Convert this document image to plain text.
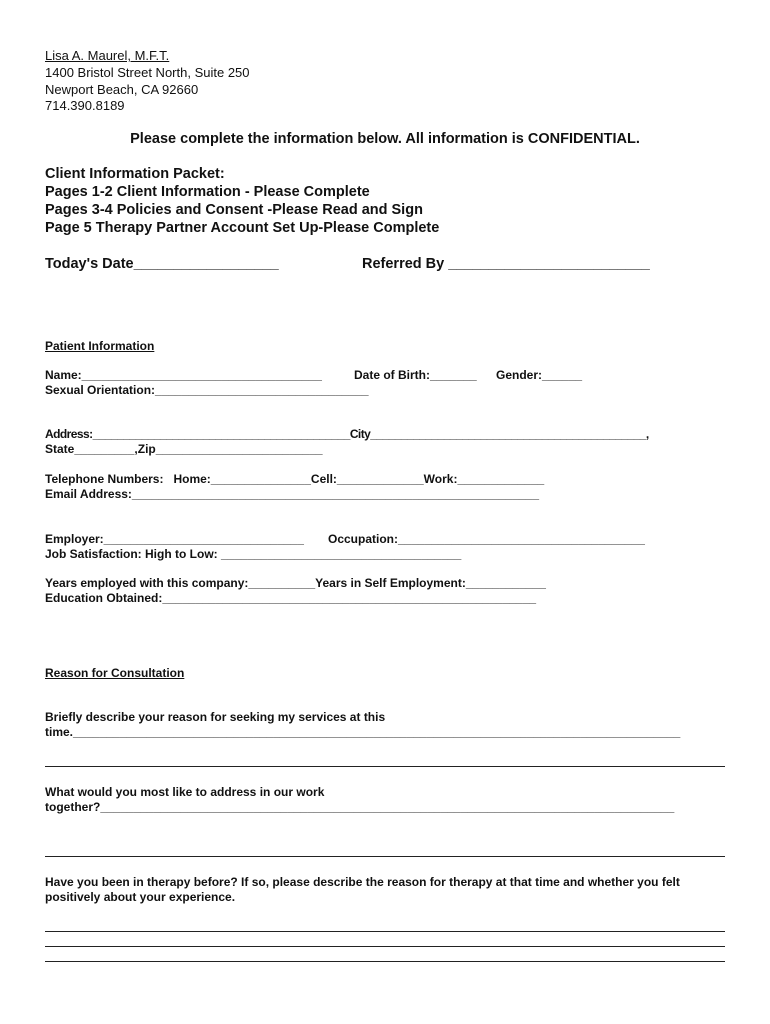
Lisa A. Maurel, M.F.T.
1400 Bristol Street North, Suite 250
Newport Beach, CA 92660
714.390.8189
Please complete the information below. All information is CONFIDENTIAL.
Client Information Packet:
Pages 1-2 Client Information - Please Complete
Pages 3-4 Policies and Consent -Please Read and Sign
Page 5 Therapy Partner Account Set Up-Please Complete
Today's Date__________________	Referred By _________________________
Patient Information
Name:____________________________________	Date of Birth:_______ Gender:______
Sexual Orientation:________________________________
Address:__________________________________________City_____________________________________________,
State_________,Zip_________________________
Telephone Numbers:   Home:_______________Cell:_____________Work:_____________
Email Address:_____________________________________________________________
Employer:______________________________ Occupation:_____________________________________
Job Satisfaction: High to Low: ____________________________________
Years employed with this company:__________Years in Self Employment:____________
Education Obtained:________________________________________________________
Reason for Consultation
Briefly describe your reason for seeking my services at this
time.___________________________________________________________________________________________
What would you most like to address in our work
together?______________________________________________________________________________________
Have you been in therapy before? If so, please describe the reason for therapy at that time and whether you felt
positively about your experience.
